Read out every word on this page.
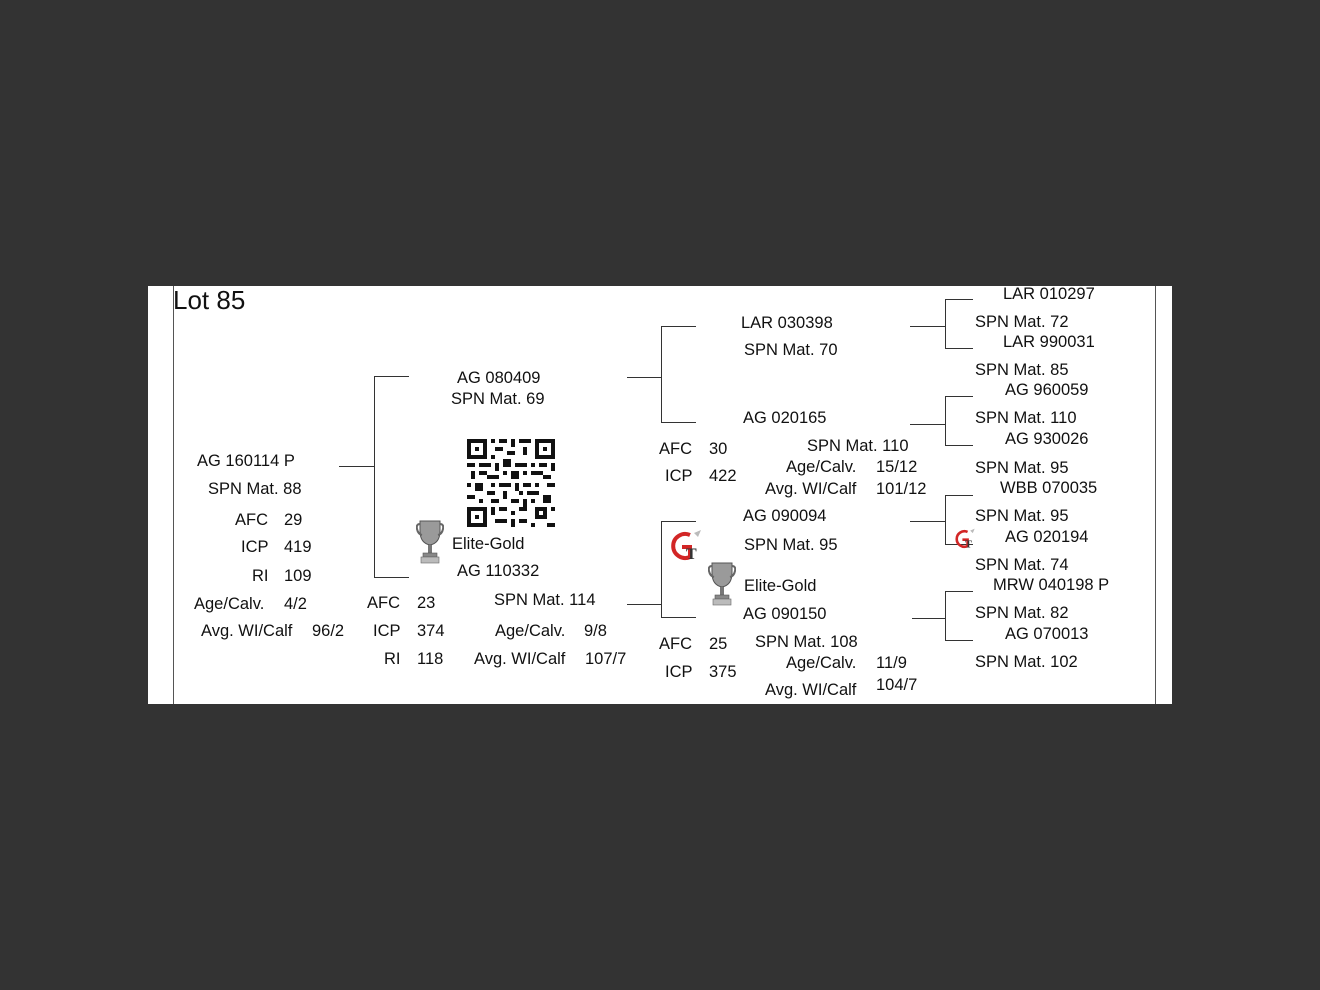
Lot 85
AG 160114 P
SPN Mat. 88
AFC 29
ICP 419
RI 109
Age/Calv. 4/2
Avg. WI/Calf 96/2
AG 080409
SPN Mat. 69
Elite-Gold
AG 110332
SPN Mat. 114
AFC 23
ICP 374
RI 118
Age/Calv. 9/8
Avg. WI/Calf 107/7
LAR 030398
SPN Mat. 70
AG 020165
SPN Mat. 110
AFC 30
ICP 422	Age/Calv. 15/12
Avg. WI/Calf 101/12
T
AG 090094
SPN Mat. 95
Elite-Gold
AG 090150
SPN Mat. 108
AFC 25
ICP 375	Age/Calv. 11/9
Avg. WI/Calf 104/7
LAR 010297
SPN Mat. 72
LAR 990031
SPN Mat. 85
AG 960059
SPN Mat. 110
AG 930026
SPN Mat. 95
WBB 070035
SPN Mat. 95
T AG 020194
SPN Mat. 74
MRW 040198 P
SPN Mat. 82
AG 070013
SPN Mat. 102
